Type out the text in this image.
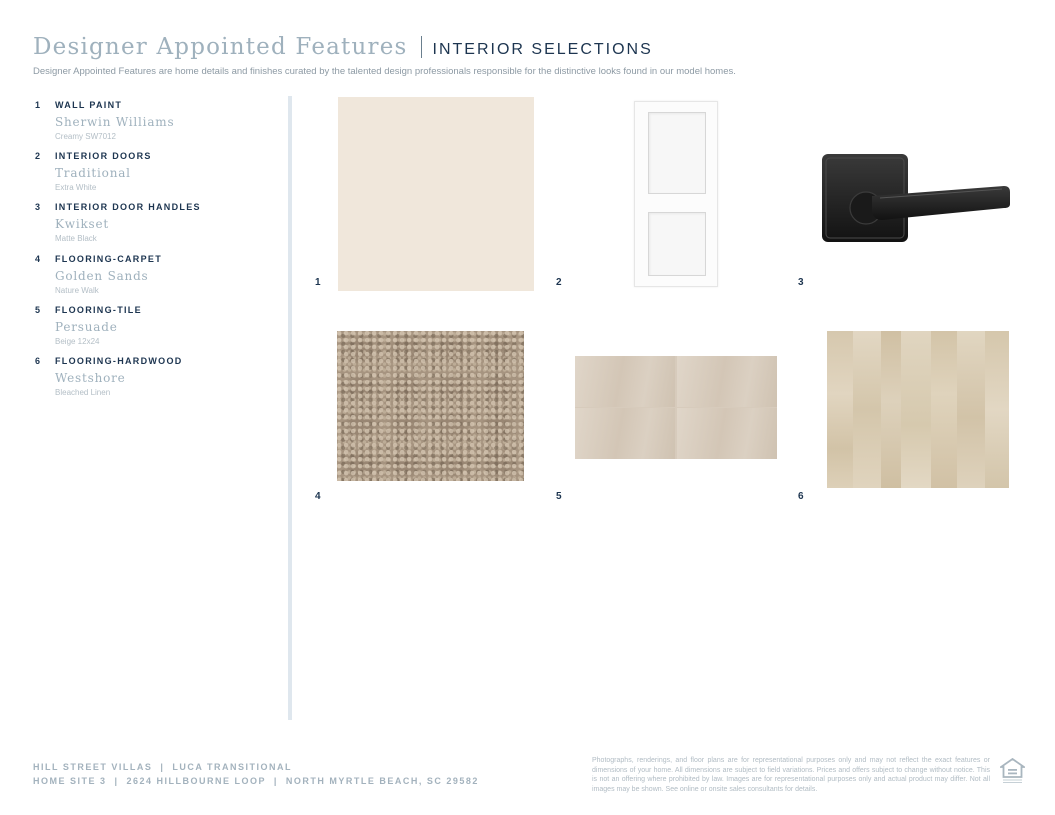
Designer Appointed Features INTERIOR SELECTIONS
Designer Appointed Features are home details and finishes curated by the talented design professionals responsible for the distinctive looks found in our model homes.
1 WALL PAINT
Sherwin Williams
Creamy SW7012
2 INTERIOR DOORS
Traditional
Extra White
3 INTERIOR DOOR HANDLES
Kwikset
Matte Black
4 FLOORING-CARPET
Golden Sands
Nature Walk
5 FLOORING-TILE
Persuade
Beige 12x24
6 FLOORING-HARDWOOD
Westshore
Bleached Linen
1	2	3
4	5	6
HILL STREET VILLAS  |  LUCA TRANSITIONAL
HOME SITE 3  |  2624 HILLBOURNE LOOP  |  NORTH MYRTLE BEACH, SC 29582
Photographs, renderings, and floor plans are for representational purposes only and may not reflect the exact features or dimensions of your home. All dimensions are subject to field variations. Prices and offers subject to change without notice. This is not an offering where prohibited by law. Images are for representational purposes only and actual product may differ. Not all images may be shown. See online or onsite sales consultants for details.
